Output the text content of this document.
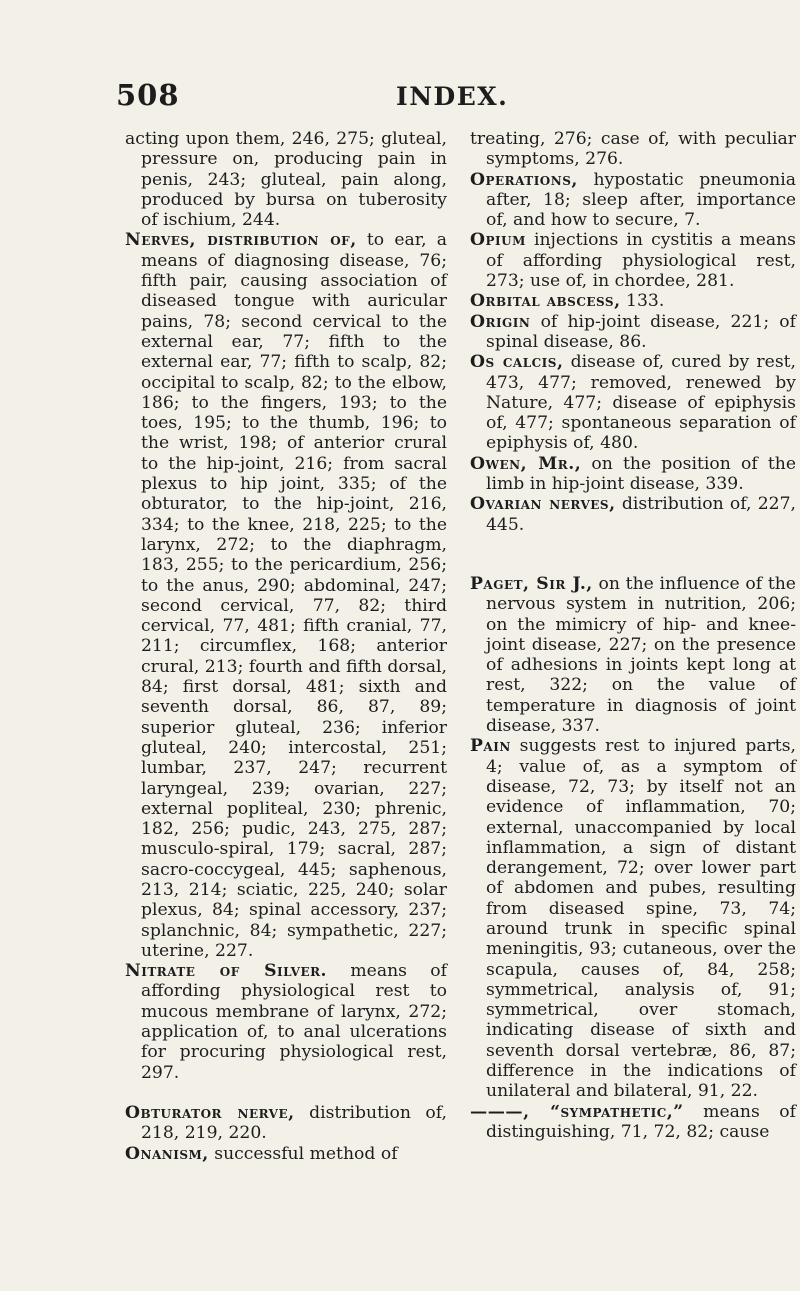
508	INDEX.

acting upon them, 246, 275; gluteal, pressure on, producing pain in penis, 243; gluteal, pain along, produced by bursa on tuberosity of ischium, 244.

Nerves, distribution of, to ear, a means of diagnosing disease, 76; fifth pair, causing association of diseased tongue with auricular pains, 78; second cervical to the external ear, 77; fifth to the external ear, 77; fifth to scalp, 82; occipital to scalp, 82; to the elbow, 186; to the fingers, 193; to the toes, 195; to the thumb, 196; to the wrist, 198; of anterior crural to the hip-joint, 216; from sacral plexus to hip joint, 335; of the obturator, to the hip-joint, 216, 334; to the knee, 218, 225; to the larynx, 272; to the diaphragm, 183, 255; to the pericardium, 256; to the anus, 290; abdominal, 247; second cervical, 77, 82; third cervical, 77, 481; fifth cranial, 77, 211; circumflex, 168; anterior crural, 213; fourth and fifth dorsal, 84; first dorsal, 481; sixth and seventh dorsal, 86, 87, 89; superior gluteal, 236; inferior gluteal, 240; intercostal, 251; lumbar, 237, 247; recurrent laryngeal, 239; ovarian, 227; external popliteal, 230; phrenic, 182, 256; pudic, 243, 275, 287; musculo-spiral, 179; sacral, 287; sacro-coccygeal, 445; saphenous, 213, 214; sciatic, 225, 240; solar plexus, 84; spinal accessory, 237; splanchnic, 84; sympathetic, 227; uterine, 227.

Nitrate of Silver. means of affording physiological rest to mucous membrane of larynx, 272; application of, to anal ulcerations for procuring physiological rest, 297.

Obturator nerve, distribution of, 218, 219, 220.

Onanism, successful method of

treating, 276; case of, with peculiar symptoms, 276.

Operations, hypostatic pneumonia after, 18; sleep after, importance of, and how to secure, 7.

Opium injections in cystitis a means of affording physiological rest, 273; use of, in chordee, 281.

Orbital abscess, 133.

Origin of hip-joint disease, 221; of spinal disease, 86.

Os calcis, disease of, cured by rest, 473, 477; removed, renewed by Nature, 477; disease of epiphysis of, 477; spontaneous separation of epiphysis of, 480.

Owen, Mr., on the position of the limb in hip-joint disease, 339.

Ovarian nerves, distribution of, 227, 445.

Paget, Sir J., on the influence of the nervous system in nutrition, 206; on the mimicry of hip- and knee-joint disease, 227; on the presence of adhesions in joints kept long at rest, 322; on the value of temperature in diagnosis of joint disease, 337.

Pain suggests rest to injured parts, 4; value of, as a symptom of disease, 72, 73; by itself not an evidence of inflammation, 70; external, unaccompanied by local inflammation, a sign of distant derangement, 72; over lower part of abdomen and pubes, resulting from diseased spine, 73, 74; around trunk in specific spinal meningitis, 93; cutaneous, over the scapula, causes of, 84, 258; symmetrical, analysis of, 91; symmetrical, over stomach, indicating disease of sixth and seventh dorsal vertebræ, 86, 87; difference in the indications of unilateral and bilateral, 91, 22.

———, “sympathetic,” means of distinguishing, 71, 72, 82; cause
